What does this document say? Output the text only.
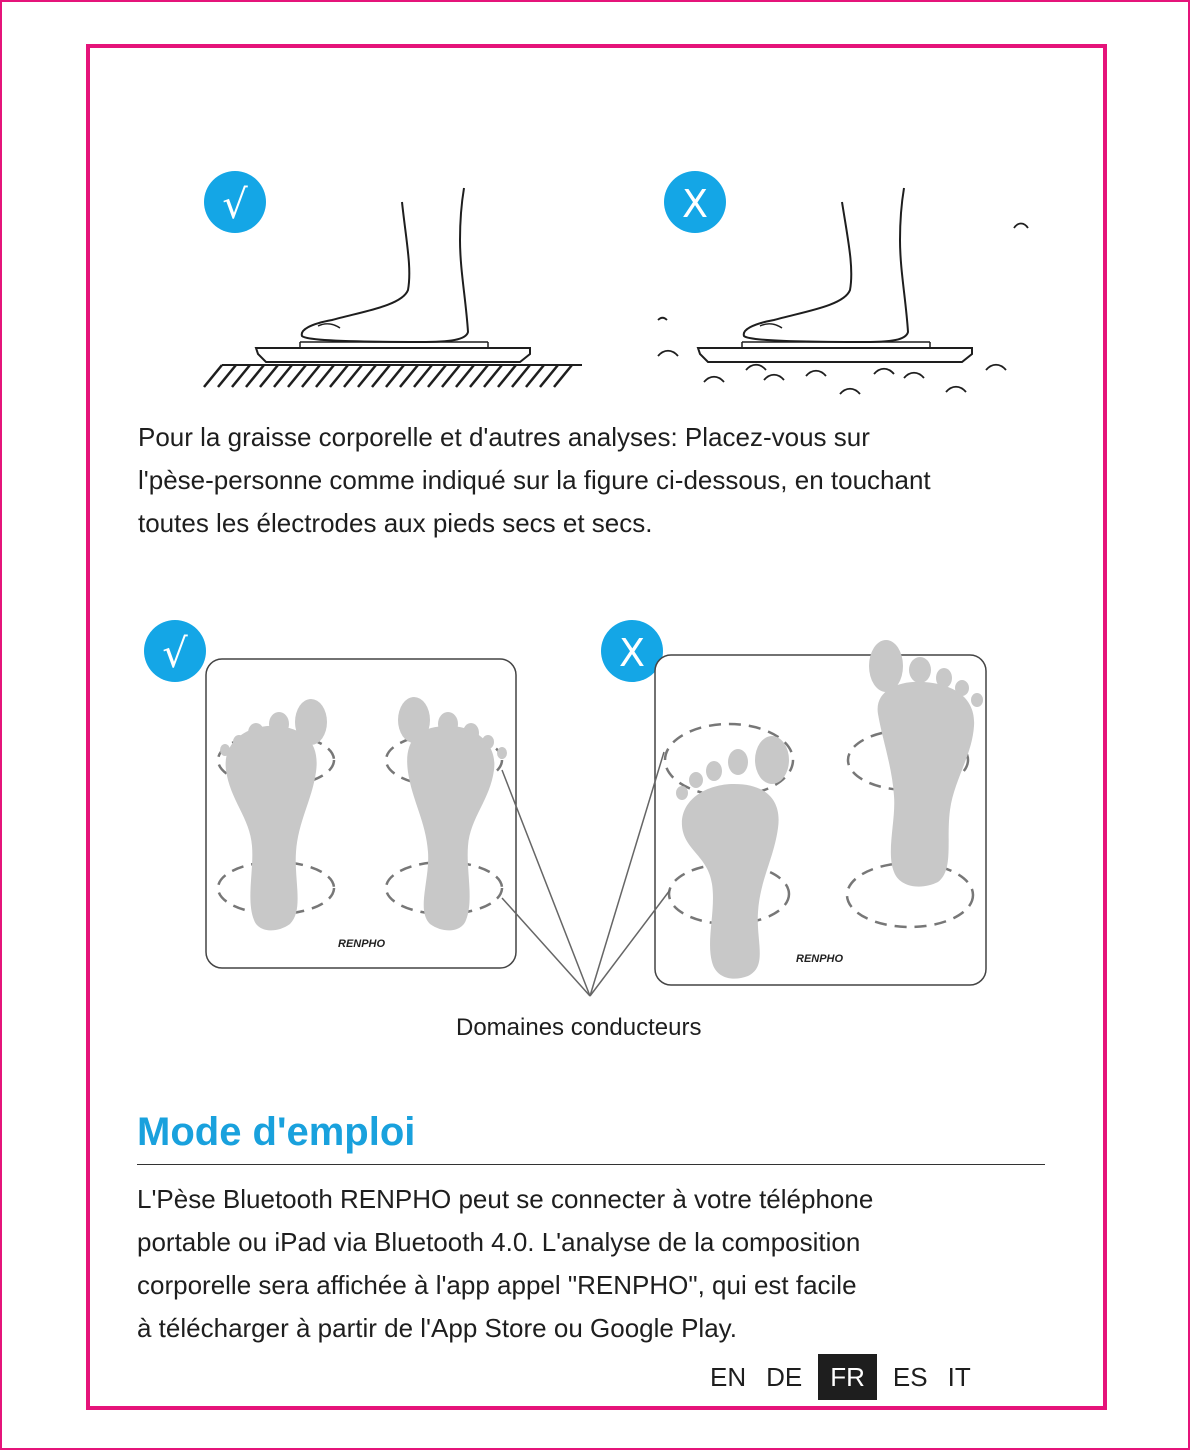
√	X
√	X
RENPHO
RENPHO
Pour la graisse corporelle et d'autres analyses: Placez-vous sur
l'pèse-personne comme indiqué sur la figure ci-dessous, en touchant
toutes les électrodes aux pieds secs et secs.
Domaines conducteurs
Mode d'emploi
L'Pèse Bluetooth RENPHO peut se connecter à votre téléphone
portable ou iPad via Bluetooth 4.0. L'analyse de la composition
corporelle sera affichée à l'app appel "RENPHO", qui est facile
à télécharger à partir de l'App Store ou Google Play.
EN DE	FR	ES IT
